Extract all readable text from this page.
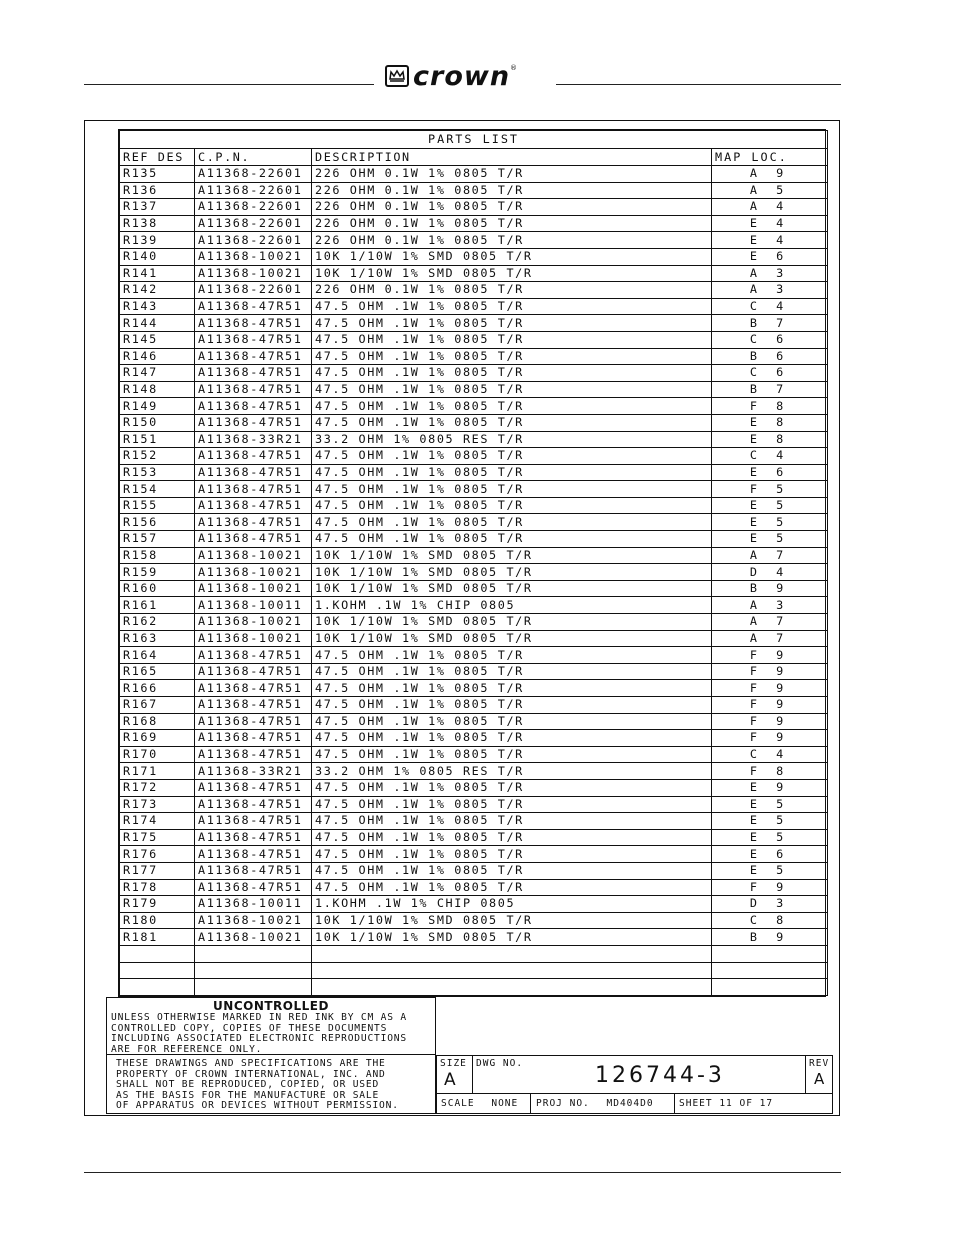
crown ®
PARTS LIST			
REF DES	C.P.N.	DESCRIPTION	MAP LOC.
R135	A11368-22601	226 OHM 0.1W 1% 0805 T/R	A 9
R136	A11368-22601	226 OHM 0.1W 1% 0805 T/R	A 5
R137	A11368-22601	226 OHM 0.1W 1% 0805 T/R	A 4
R138	A11368-22601	226 OHM 0.1W 1% 0805 T/R	E 4
R139	A11368-22601	226 OHM 0.1W 1% 0805 T/R	E 4
R140	A11368-10021	10K 1/10W 1% SMD 0805 T/R	E 6
R141	A11368-10021	10K 1/10W 1% SMD 0805 T/R	A 3
R142	A11368-22601	226 OHM 0.1W 1% 0805 T/R	A 3
R143	A11368-47R51	47.5 OHM .1W 1% 0805 T/R	C 4
R144	A11368-47R51	47.5 OHM .1W 1% 0805 T/R	B 7
R145	A11368-47R51	47.5 OHM .1W 1% 0805 T/R	C 6
R146	A11368-47R51	47.5 OHM .1W 1% 0805 T/R	B 6
R147	A11368-47R51	47.5 OHM .1W 1% 0805 T/R	C 6
R148	A11368-47R51	47.5 OHM .1W 1% 0805 T/R	B 7
R149	A11368-47R51	47.5 OHM .1W 1% 0805 T/R	F 8
R150	A11368-47R51	47.5 OHM .1W 1% 0805 T/R	E 8
R151	A11368-33R21	33.2 OHM 1% 0805 RES T/R	E 8
R152	A11368-47R51	47.5 OHM .1W 1% 0805 T/R	C 4
R153	A11368-47R51	47.5 OHM .1W 1% 0805 T/R	E 6
R154	A11368-47R51	47.5 OHM .1W 1% 0805 T/R	F 5
R155	A11368-47R51	47.5 OHM .1W 1% 0805 T/R	E 5
R156	A11368-47R51	47.5 OHM .1W 1% 0805 T/R	E 5
R157	A11368-47R51	47.5 OHM .1W 1% 0805 T/R	E 5
R158	A11368-10021	10K 1/10W 1% SMD 0805 T/R	A 7
R159	A11368-10021	10K 1/10W 1% SMD 0805 T/R	D 4
R160	A11368-10021	10K 1/10W 1% SMD 0805 T/R	B 9
R161	A11368-10011	1.KOHM .1W 1% CHIP 0805	A 3
R162	A11368-10021	10K 1/10W 1% SMD 0805 T/R	A 7
R163	A11368-10021	10K 1/10W 1% SMD 0805 T/R	A 7
R164	A11368-47R51	47.5 OHM .1W 1% 0805 T/R	F 9
R165	A11368-47R51	47.5 OHM .1W 1% 0805 T/R	F 9
R166	A11368-47R51	47.5 OHM .1W 1% 0805 T/R	F 9
R167	A11368-47R51	47.5 OHM .1W 1% 0805 T/R	F 9
R168	A11368-47R51	47.5 OHM .1W 1% 0805 T/R	F 9
R169	A11368-47R51	47.5 OHM .1W 1% 0805 T/R	F 9
R170	A11368-47R51	47.5 OHM .1W 1% 0805 T/R	C 4
R171	A11368-33R21	33.2 OHM 1% 0805 RES T/R	F 8
R172	A11368-47R51	47.5 OHM .1W 1% 0805 T/R	E 9
R173	A11368-47R51	47.5 OHM .1W 1% 0805 T/R	E 5
R174	A11368-47R51	47.5 OHM .1W 1% 0805 T/R	E 5
R175	A11368-47R51	47.5 OHM .1W 1% 0805 T/R	E 5
R176	A11368-47R51	47.5 OHM .1W 1% 0805 T/R	E 6
R177	A11368-47R51	47.5 OHM .1W 1% 0805 T/R	E 5
R178	A11368-47R51	47.5 OHM .1W 1% 0805 T/R	F 9
R179	A11368-10011	1.KOHM .1W 1% CHIP 0805	D 3
R180	A11368-10021	10K 1/10W 1% SMD 0805 T/R	C 8
R181	A11368-10021	10K 1/10W 1% SMD 0805 T/R	B 9

UNCONTROLLED
UNLESS OTHERWISE MARKED IN RED INK BY CM AS A
CONTROLLED COPY, COPIES OF THESE DOCUMENTS
INCLUDING ASSOCIATED ELECTRONIC REPRODUCTIONS
ARE FOR REFERENCE ONLY.
THESE DRAWINGS AND SPECIFICATIONS ARE THE
PROPERTY OF CROWN INTERNATIONAL, INC. AND
SHALL NOT BE REPRODUCED, COPIED, OR USED
AS THE BASIS FOR THE MANUFACTURE OR SALE
OF APPARATUS OR DEVICES WITHOUT PERMISSION.
SIZE
A
DWG NO.	126744-3	REV
A
SCALE NONE	PROJ NO. MD404D0	SHEET 11 OF 17
